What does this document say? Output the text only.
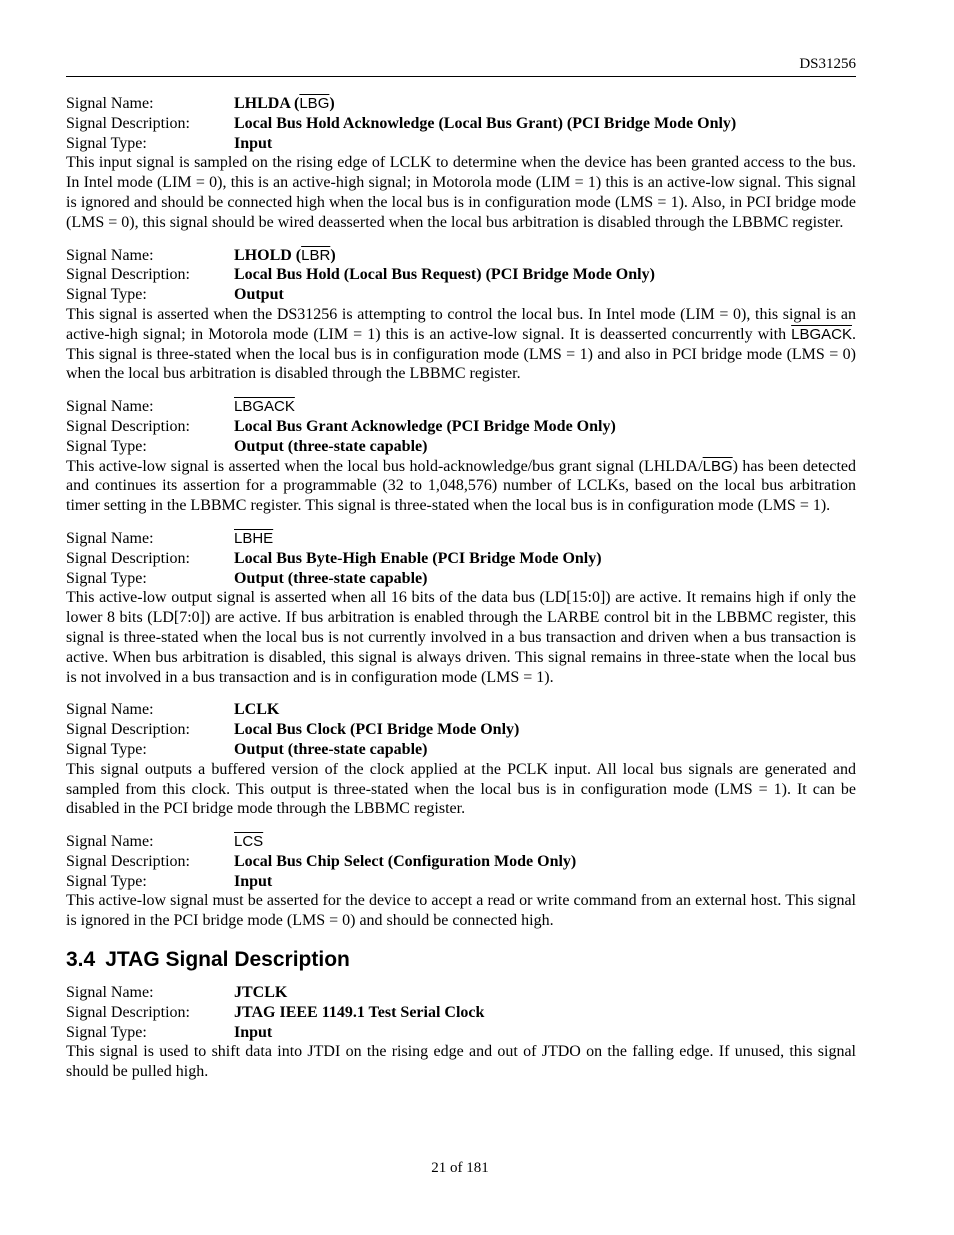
DS31256
Signal Name:	LHLDA $(\overline{LBG})$
Signal Description:	Local Bus Hold Acknowledge (Local Bus Grant) (PCI Bridge Mode Only)
Signal Type:	Input
This input signal is sampled on the rising edge of LCLK to determine when the device has been granted access to the bus. In Intel mode (LIM = 0), this is an active-high signal; in Motorola mode (LIM = 1) this is an active-low signal. This signal is ignored and should be connected high when the local bus is in configuration mode (LMS = 1). Also, in PCI bridge mode (LMS = 0), this signal should be wired deasserted when the local bus arbitration is disabled through the LBBMC register.
Signal Name:	LHOLD $(\overline{LBR})$
Signal Description:	Local Bus Hold (Local Bus Request) (PCI Bridge Mode Only)
Signal Type:	Output
This signal is asserted when the DS31256 is attempting to control the local bus. In Intel mode (LIM = 0), this signal is an active-high signal; in Motorola mode (LIM = 1) this is an active-low signal. It is deasserted concurrently with LBGACK. This signal is three-stated when the local bus is in configuration mode (LMS = 1) and also in PCI bridge mode (LMS = 0) when the local bus arbitration is disabled through the LBBMC register.
Signal Name:	LBGACK
Signal Description:	Local Bus Grant Acknowledge (PCI Bridge Mode Only)
Signal Type:	Output (three-state capable)
This active-low signal is asserted when the local bus hold-acknowledge/bus grant signal $(LHLDA/\overline{LBG})$ has been detected and continues its assertion for a programmable (32 to 1,048,576) number of LCLKs, based on the local bus arbitration timer setting in the LBBMC register. This signal is three-stated when the local bus is in configuration mode (LMS = 1).
Signal Name:	LBHE
Signal Description:	Local Bus Byte-High Enable (PCI Bridge Mode Only)
Signal Type:	Output (three-state capable)
This active-low output signal is asserted when all 16 bits of the data bus (LD[15:0]) are active. It remains high if only the lower 8 bits (LD[7:0]) are active. If bus arbitration is enabled through the LARBE control bit in the LBBMC register, this signal is three-stated when the local bus is not currently involved in a bus transaction and driven when a bus transaction is active. When bus arbitration is disabled, this signal is always driven. This signal remains in three-state when the local bus is not involved in a bus transaction and is in configuration mode (LMS = 1).
Signal Name:	LCLK
Signal Description:	Local Bus Clock (PCI Bridge Mode Only)
Signal Type:	Output (three-state capable)
This signal outputs a buffered version of the clock applied at the PCLK input. All local bus signals are generated and sampled from this clock. This output is three-stated when the local bus is in configuration mode (LMS = 1). It can be disabled in the PCI bridge mode through the LBBMC register.
Signal Name:	$\overline{LCS}$
Signal Description:	Local Bus Chip Select (Configuration Mode Only)
Signal Type:	Input
This active-low signal must be asserted for the device to accept a read or write command from an external host. This signal is ignored in the PCI bridge mode (LMS = 0) and should be connected high.
3.4 JTAG Signal Description
Signal Name:	JTCLK
Signal Description:	JTAG IEEE 1149.1 Test Serial Clock
Signal Type:	Input
This signal is used to shift data into JTDI on the rising edge and out of JTDO on the falling edge. If unused, this signal should be pulled high.
21 of 181
